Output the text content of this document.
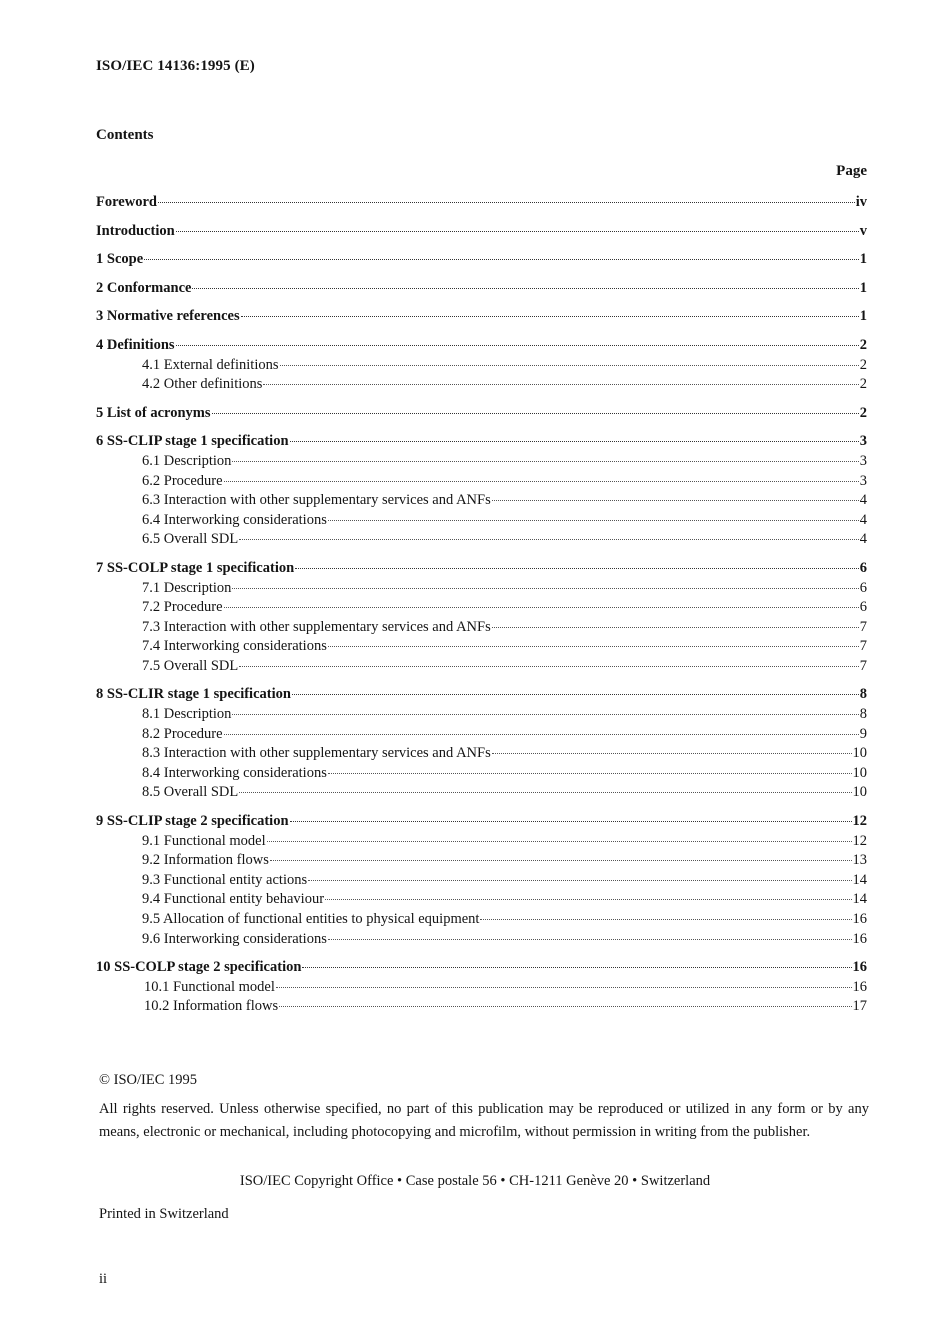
ISO/IEC 14136:1995 (E)
Contents
Page
Foreword	iv
Introduction	v
1 Scope	1
2 Conformance	1
3 Normative references	1
4 Definitions	2
4.1 External definitions	2
4.2 Other definitions	2
5 List of acronyms	2
6 SS-CLIP stage 1 specification	3
6.1 Description	3
6.2 Procedure	3
6.3 Interaction with other supplementary services and ANFs	4
6.4 Interworking considerations	4
6.5 Overall SDL	4
7 SS-COLP stage 1 specification	6
7.1 Description	6
7.2 Procedure	6
7.3 Interaction with other supplementary services and ANFs	7
7.4 Interworking considerations	7
7.5 Overall SDL	7
8 SS-CLIR stage 1 specification	8
8.1 Description	8
8.2 Procedure	9
8.3 Interaction with other supplementary services and ANFs	10
8.4 Interworking considerations	10
8.5 Overall SDL	10
9 SS-CLIP stage 2 specification	12
9.1 Functional model	12
9.2 Information flows	13
9.3 Functional entity actions	14
9.4 Functional entity behaviour	14
9.5 Allocation of functional entities to physical equipment	16
9.6 Interworking considerations	16
10 SS-COLP stage 2 specification	16
10.1 Functional model	16
10.2 Information flows	17
© ISO/IEC 1995
All rights reserved. Unless otherwise specified, no part of this publication may be reproduced or utilized in any form or by any means, electronic or mechanical, including photocopying and microfilm, without permission in writing from the publisher.
ISO/IEC Copyright Office • Case postale 56 • CH-1211 Genève 20 • Switzerland
Printed in Switzerland
ii
